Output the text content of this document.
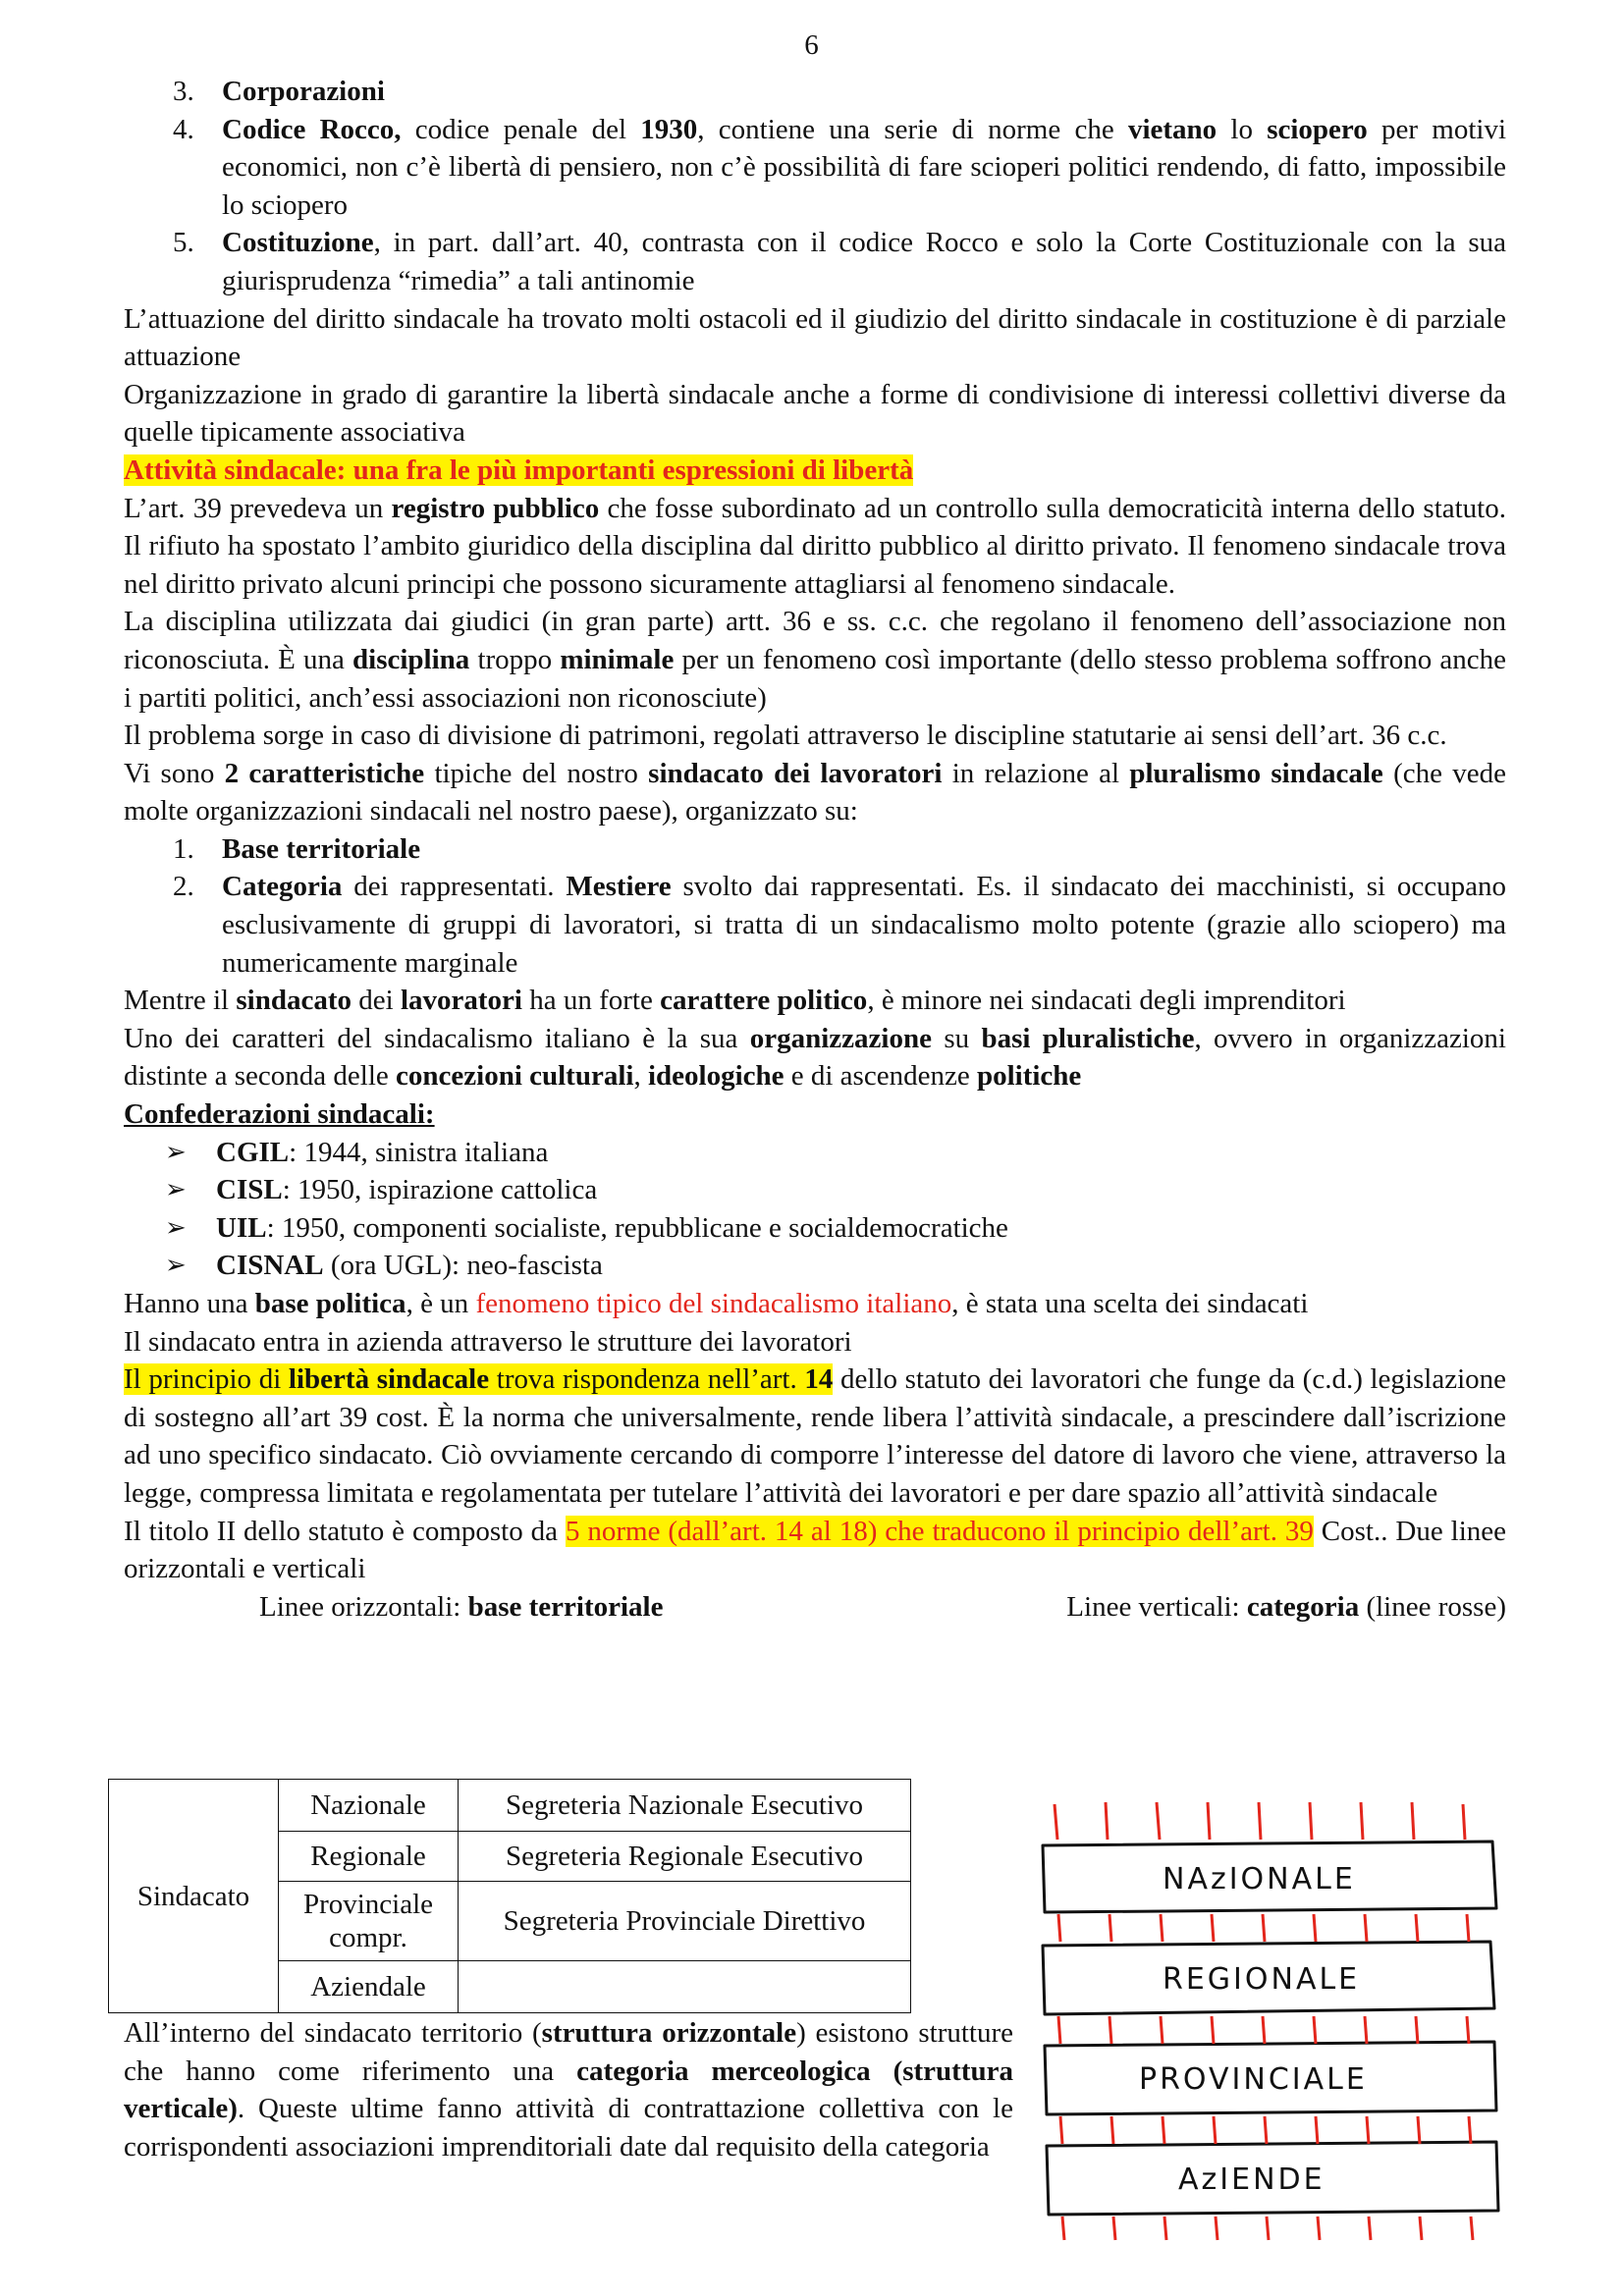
6
3. Corporazioni
4. Codice Rocco, codice penale del 1930, contiene una serie di norme che vietano lo sciopero per motivi economici, non c’è libertà di pensiero, non c’è possibilità di fare scioperi politici rendendo, di fatto, impossibile lo sciopero
5. Costituzione, in part. dall’art. 40, contrasta con il codice Rocco e solo la Corte Costituzionale con la sua giurisprudenza “rimedia” a tali antinomie

L’attuazione del diritto sindacale ha trovato molti ostacoli ed il giudizio del diritto sindacale in costituzione è di parziale attuazione

Organizzazione in grado di garantire la libertà sindacale anche a forme di condivisione di interessi collettivi diverse da quelle tipicamente associativa

Attività sindacale: una fra le più importanti espressioni di libertà

L’art. 39 prevedeva un registro pubblico che fosse subordinato ad un controllo sulla democraticità interna dello statuto. Il rifiuto ha spostato l’ambito giuridico della disciplina dal diritto pubblico al diritto privato. Il fenomeno sindacale trova nel diritto privato alcuni principi che possono sicuramente attagliarsi al fenomeno sindacale.

La disciplina utilizzata dai giudici (in gran parte) artt. 36 e ss. c.c. che regolano il fenomeno dell’associazione non riconosciuta. È una disciplina troppo minimale per un fenomeno così importante (dello stesso problema soffrono anche i partiti politici, anch’essi associazioni non riconosciute)

Il problema sorge in caso di divisione di patrimoni, regolati attraverso le discipline statutarie ai sensi dell’art. 36 c.c.

Vi sono 2 caratteristiche tipiche del nostro sindacato dei lavoratori in relazione al pluralismo sindacale (che vede molte organizzazioni sindacali nel nostro paese), organizzato su:

1. Base territoriale
2. Categoria dei rappresentati. Mestiere svolto dai rappresentati. Es. il sindacato dei macchinisti, si occupano esclusivamente di gruppi di lavoratori, si tratta di un sindacalismo molto potente (grazie allo sciopero) ma numericamente marginale

Mentre il sindacato dei lavoratori ha un forte carattere politico, è minore nei sindacati degli imprenditori

Uno dei caratteri del sindacalismo italiano è la sua organizzazione su basi pluralistiche, ovvero in organizzazioni distinte a seconda delle concezioni culturali, ideologiche e di ascendenze politiche

Confederazioni sindacali:

➢ CGIL: 1944, sinistra italiana
➢ CISL: 1950, ispirazione cattolica
➢ UIL: 1950, componenti socialiste, repubblicane e socialdemocratiche
➢ CISNAL (ora UGL): neo-fascista

Hanno una base politica, è un fenomeno tipico del sindacalismo italiano, è stata una scelta dei sindacati

Il sindacato entra in azienda attraverso le strutture dei lavoratori

Il principio di libertà sindacale trova rispondenza nell’art. 14 dello statuto dei lavoratori che funge da (c.d.) legislazione di sostegno all’art 39 cost. È la norma che universalmente, rende libera l’attività sindacale, a prescindere dall’iscrizione ad uno specifico sindacato. Ciò ovviamente cercando di comporre l’interesse del datore di lavoro che viene, attraverso la legge, compressa limitata e regolamentata per tutelare l’attività dei lavoratori e per dare spazio all’attività sindacale

Il titolo II dello statuto è composto da 5 norme (dall’art. 14 al 18) che traducono il principio dell’art. 39 Cost.. Due linee orizzontali e verticali

Linee orizzontali: base territoriale	Linee verticali: categoria (linee rosse)
Sindacato	Nazionale	Segreteria Nazionale Esecutivo
	Regionale	Segreteria Regionale Esecutivo
	Provinciale compr.	Segreteria Provinciale Direttivo
	Aziendale	
All’interno del sindacato territorio (struttura orizzontale) esistono strutture che hanno come riferimento una categoria merceologica (struttura verticale). Queste ultime fanno attività di contrattazione collettiva con le corrispondenti associazioni imprenditoriali date dal requisito della categoria
NAzIONALE
REGIONALE
PROVINCIALE
AzIENDE
